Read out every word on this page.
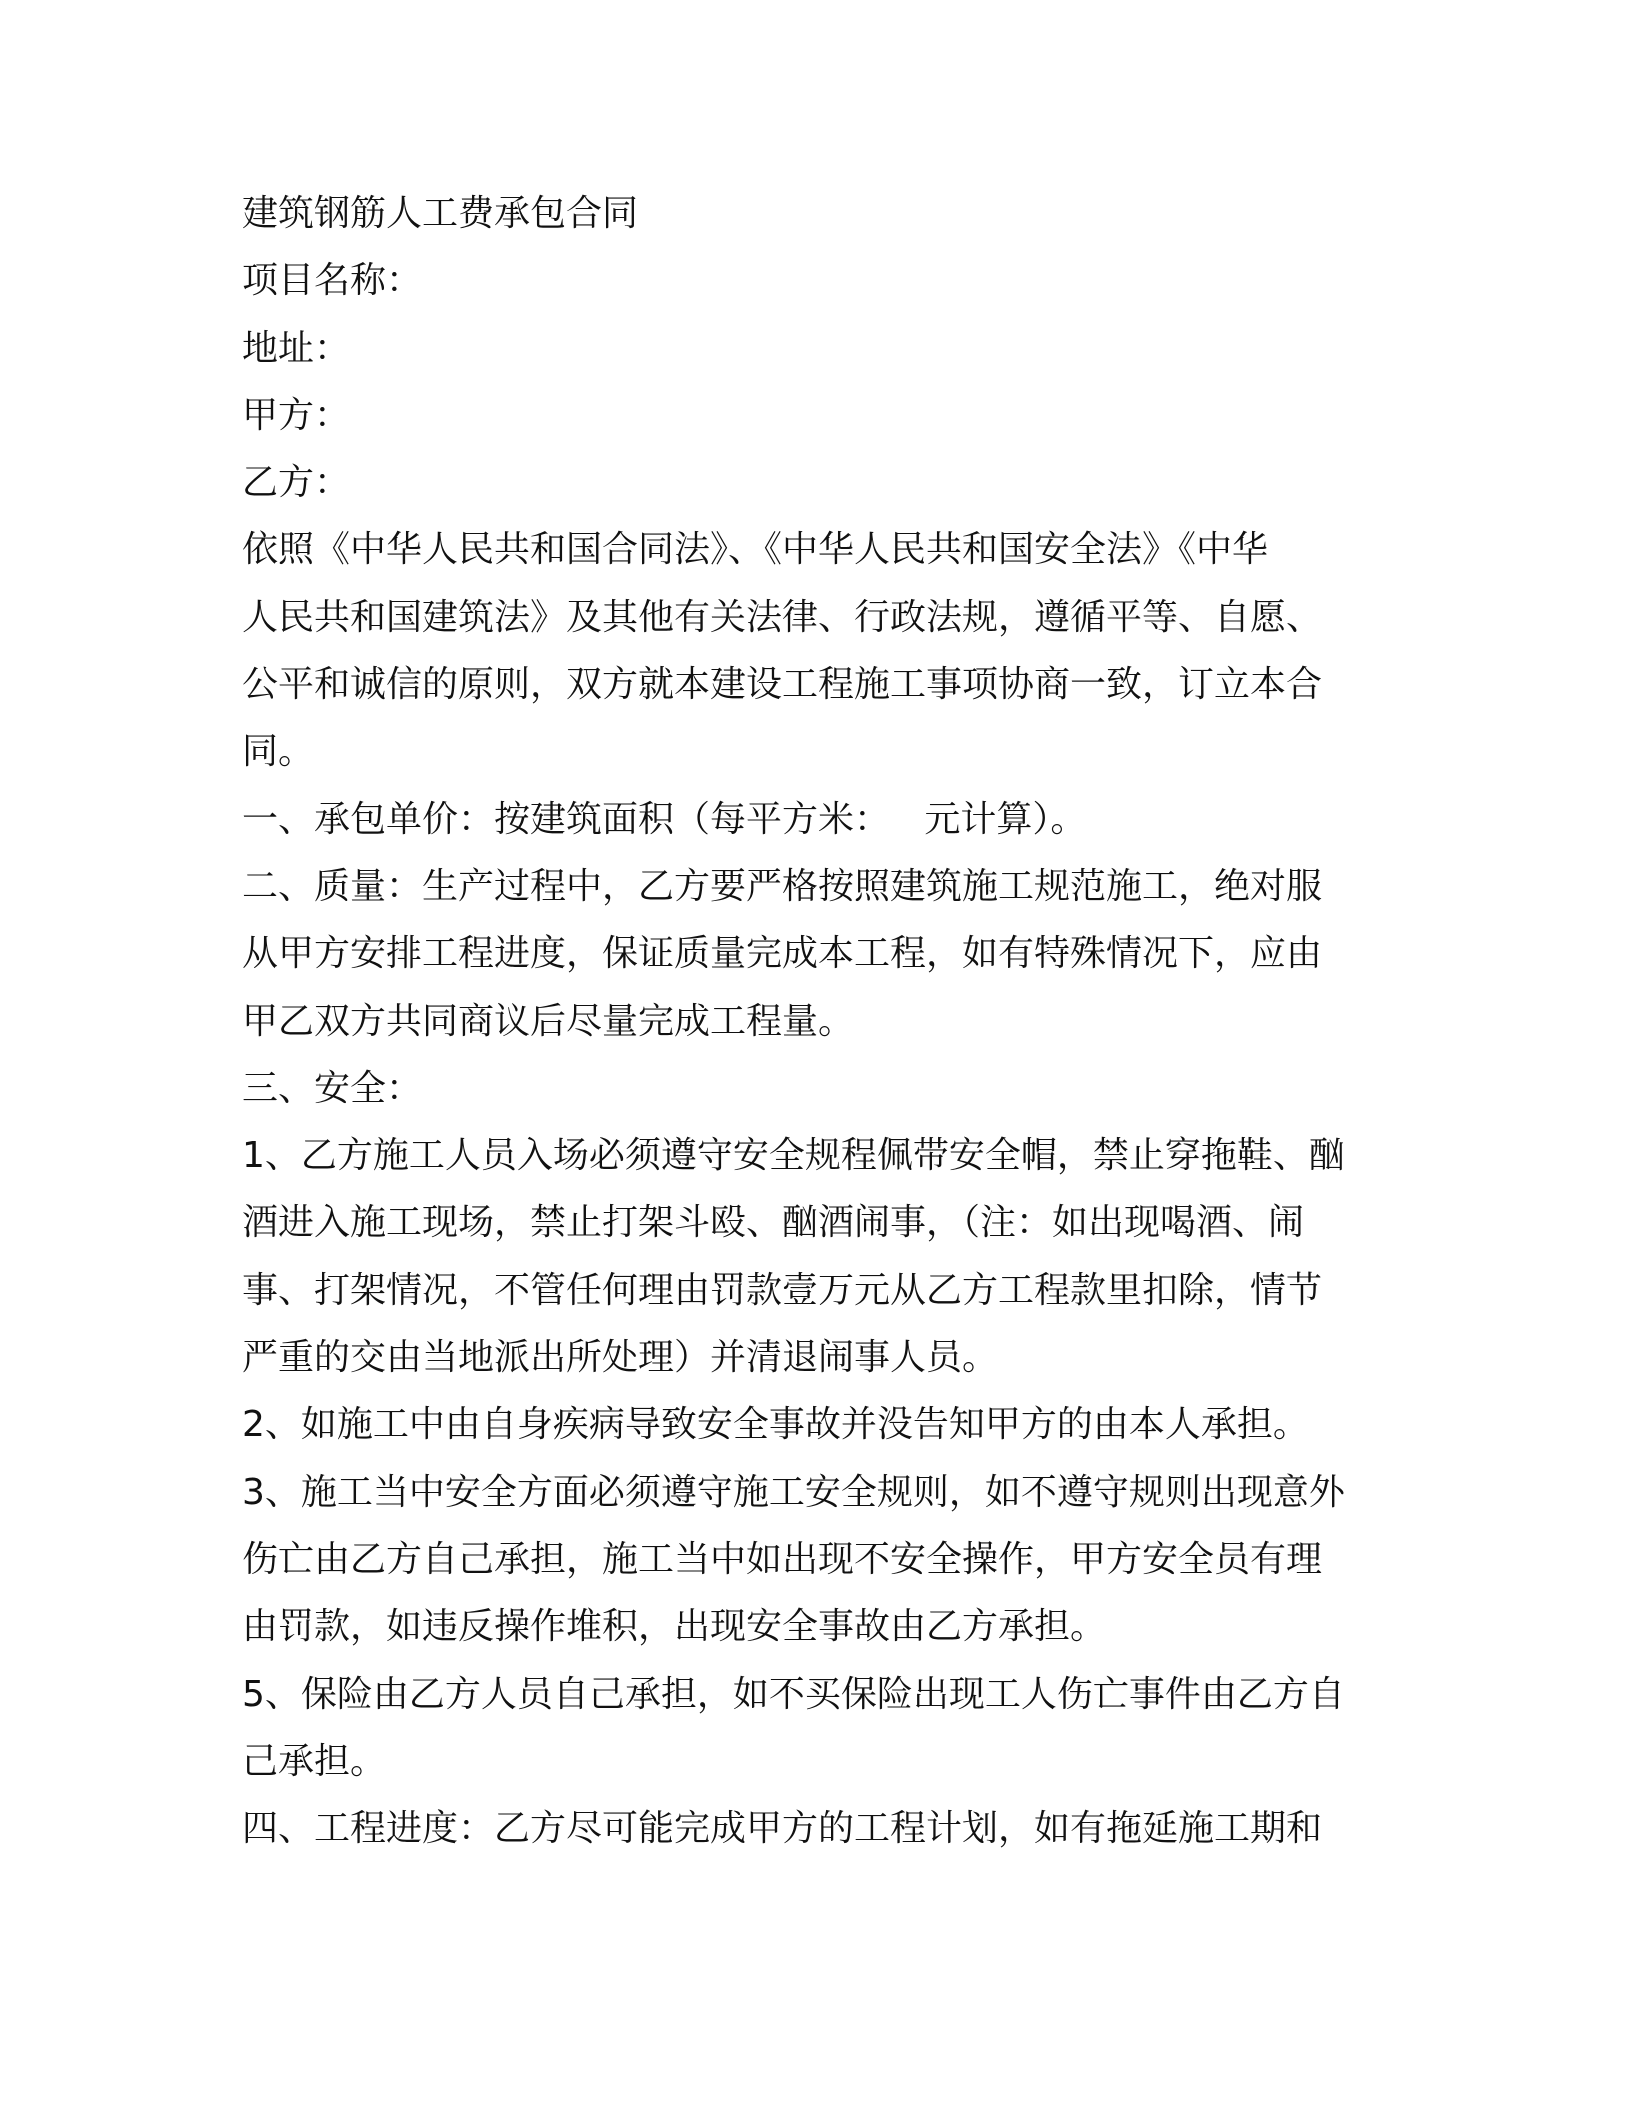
建筑钢筋人工费承包合同
项目名称：
地址：
甲方：
乙方：
依照《中华人民共和国合同法》、《中华人民共和国安全法》《中华
人民共和国建筑法》及其他有关法律、行政法规，遵循平等、自愿、
公平和诚信的原则，双方就本建设工程施工事项协商一致，订立本合
同。
一、承包单价：按建筑面积（每平方米：   元计算）。
二、质量：生产过程中，乙方要严格按照建筑施工规范施工，绝对服
从甲方安排工程进度，保证质量完成本工程，如有特殊情况下，应由
甲乙双方共同商议后尽量完成工程量。
三、安全：
1、乙方施工人员入场必须遵守安全规程佩带安全帽，禁止穿拖鞋、酗
酒进入施工现场，禁止打架斗殴、酗酒闹事，（注：如出现喝酒、闹
事、打架情况，不管任何理由罚款壹万元从乙方工程款里扣除，情节
严重的交由当地派出所处理）并清退闹事人员。
2、如施工中由自身疾病导致安全事故并没告知甲方的由本人承担。
3、施工当中安全方面必须遵守施工安全规则，如不遵守规则出现意外
伤亡由乙方自己承担，施工当中如出现不安全操作，甲方安全员有理
由罚款，如违反操作堆积，出现安全事故由乙方承担。
5、保险由乙方人员自己承担，如不买保险出现工人伤亡事件由乙方自
己承担。
四、工程进度：乙方尽可能完成甲方的工程计划，如有拖延施工期和
